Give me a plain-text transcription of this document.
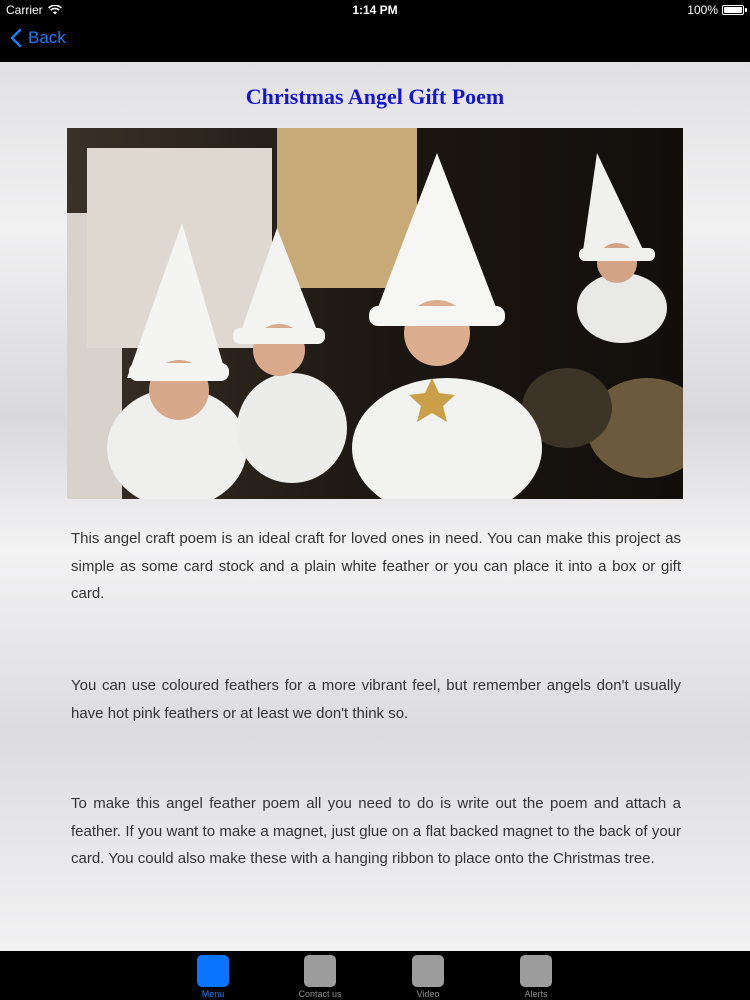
Carrier	1:14 PM	100%
Back
Christmas Angel Gift Poem
This angel craft poem is an ideal craft for loved ones in need. You can make this project as simple as some card stock and a plain white feather or you can place it into a box or gift card.
You can use coloured feathers for a more vibrant feel, but remember angels don't usually have hot pink feathers or at least we don't think so.
To make this angel feather poem all you need to do is write out the poem and attach a feather. If you want to make a magnet, just glue on a flat backed magnet to the back of your card. You could also make these with a hanging ribbon to place onto the Christmas tree.
Menu	Contact us	Video	Alerts
